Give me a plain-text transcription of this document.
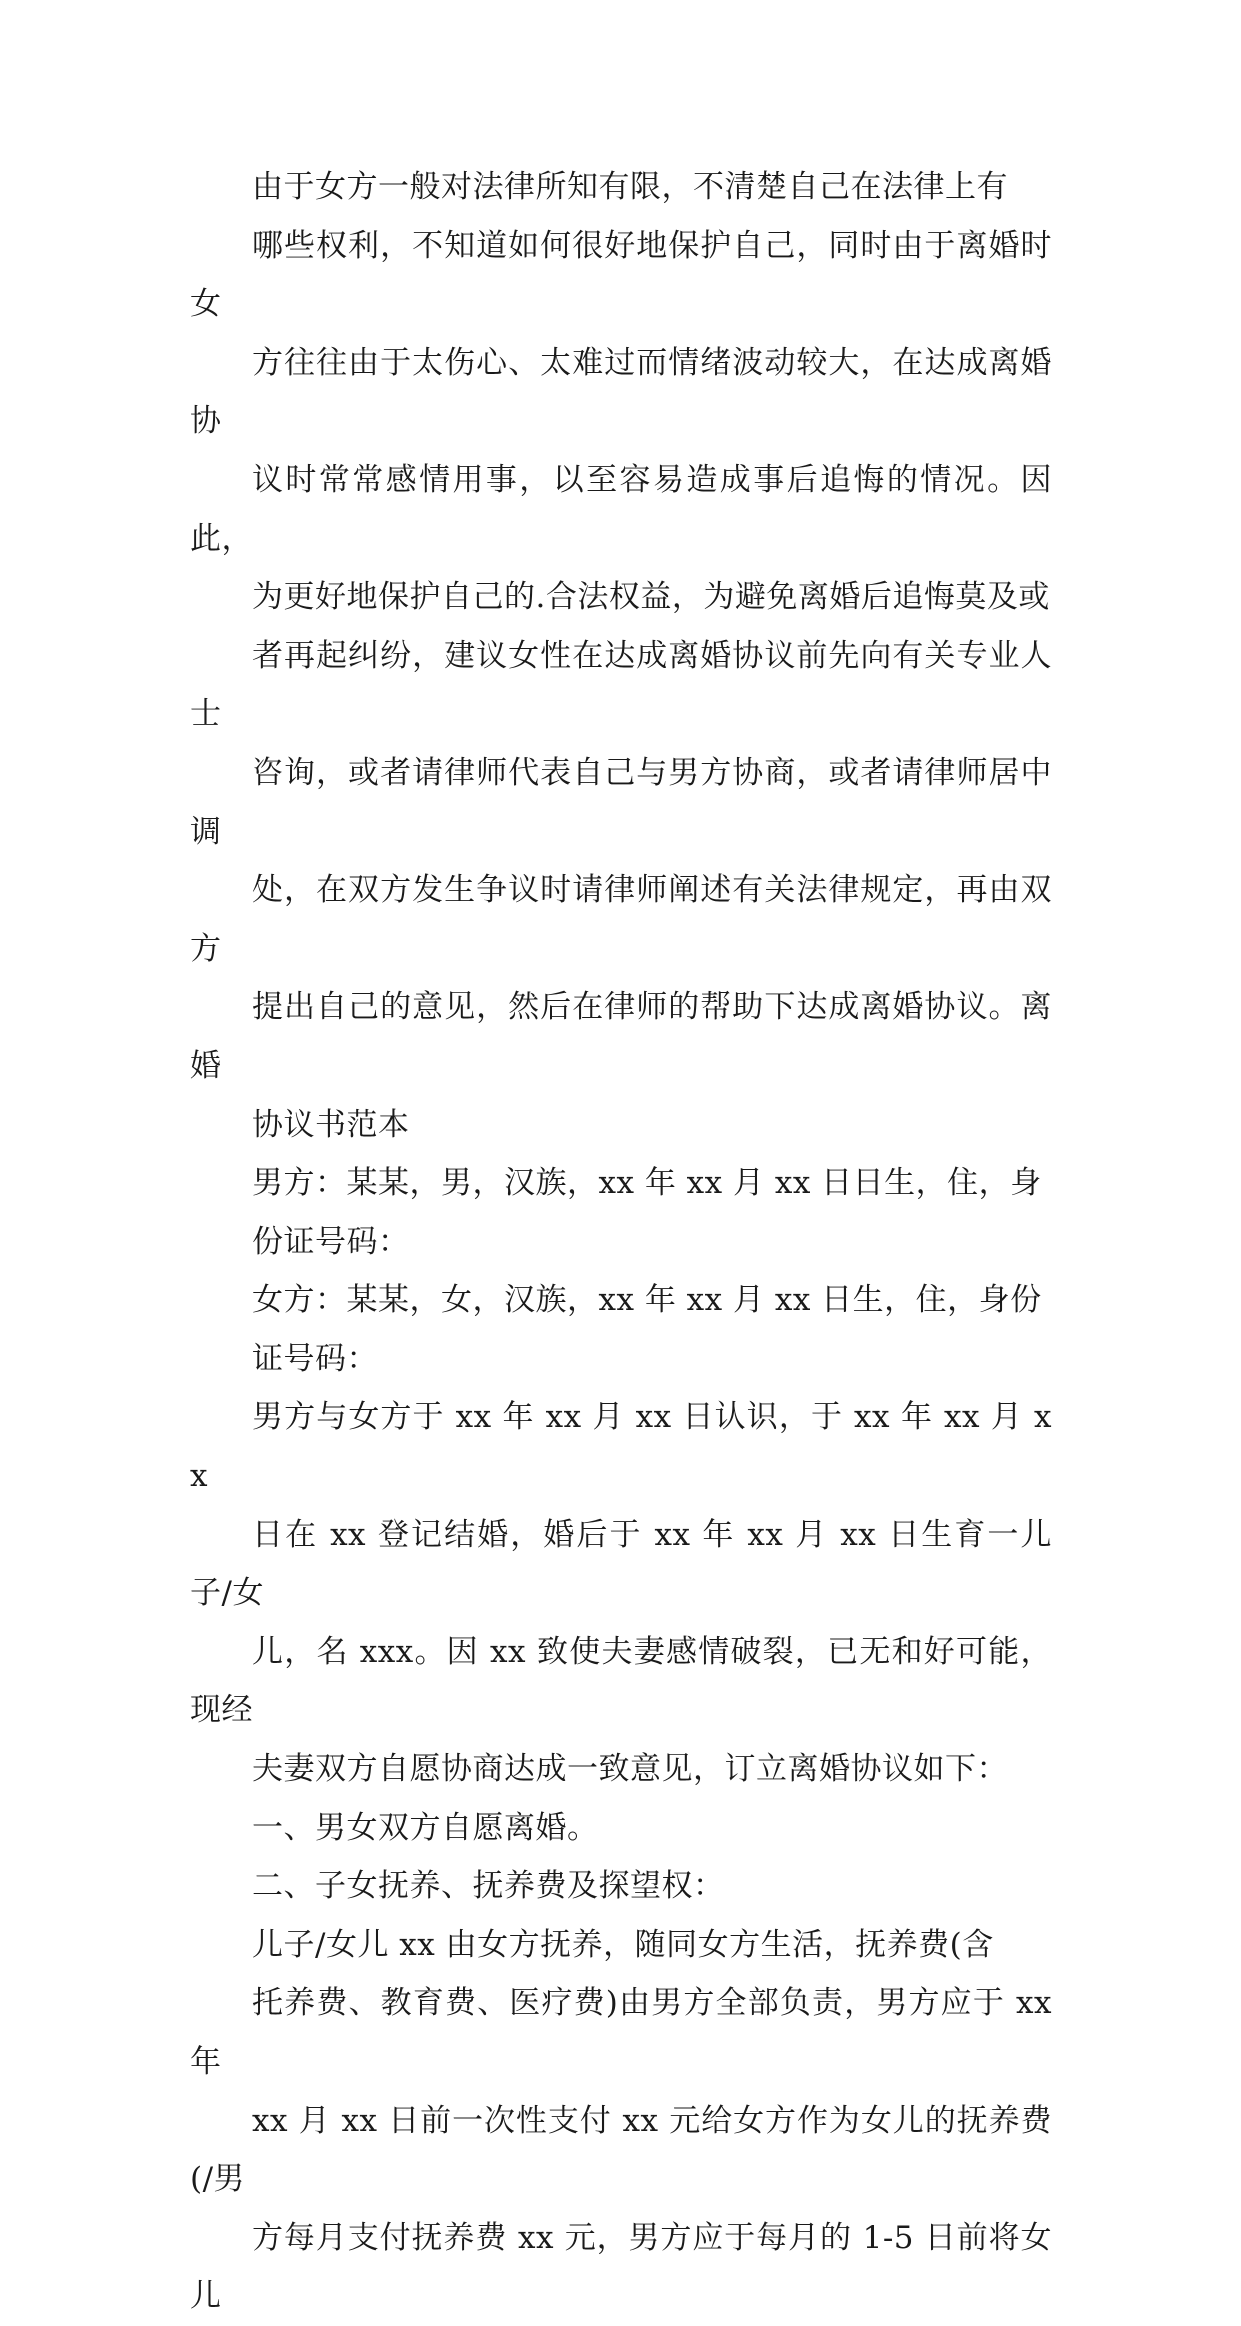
由于女方一般对法律所知有限，不清楚自己在法律上有
哪些权利，不知道如何很好地保护自己，同时由于离婚时女
方往往由于太伤心、太难过而情绪波动较大，在达成离婚协
议时常常感情用事，以至容易造成事后追悔的情况。因此，
为更好地保护自己的.合法权益，为避免离婚后追悔莫及或
者再起纠纷，建议女性在达成离婚协议前先向有关专业人士
咨询，或者请律师代表自己与男方协商，或者请律师居中调
处，在双方发生争议时请律师阐述有关法律规定，再由双方
提出自己的意见，然后在律师的帮助下达成离婚协议。离婚
协议书范本

男方：某某，男，汉族，xx 年 xx 月 xx 日日生，住，身
份证号码：

女方：某某，女，汉族，xx 年 xx 月 xx 日生，住，身份
证号码：

男方与女方于 xx 年 xx 月 xx 日认识，于 xx 年 xx 月 xx
日在 xx 登记结婚，婚后于 xx 年 xx 月 xx 日生育一儿子/女
儿，名 xxx。因 xx 致使夫妻感情破裂，已无和好可能，现经
夫妻双方自愿协商达成一致意见，订立离婚协议如下：

一、男女双方自愿离婚。

二、子女抚养、抚养费及探望权：

儿子/女儿 xx 由女方抚养，随同女方生活，抚养费(含
托养费、教育费、医疗费)由男方全部负责，男方应于 xx 年
xx 月 xx 日前一次性支付 xx 元给女方作为女儿的抚养费(/男
方每月支付抚养费 xx 元，男方应于每月的 1-5 日前将女儿
